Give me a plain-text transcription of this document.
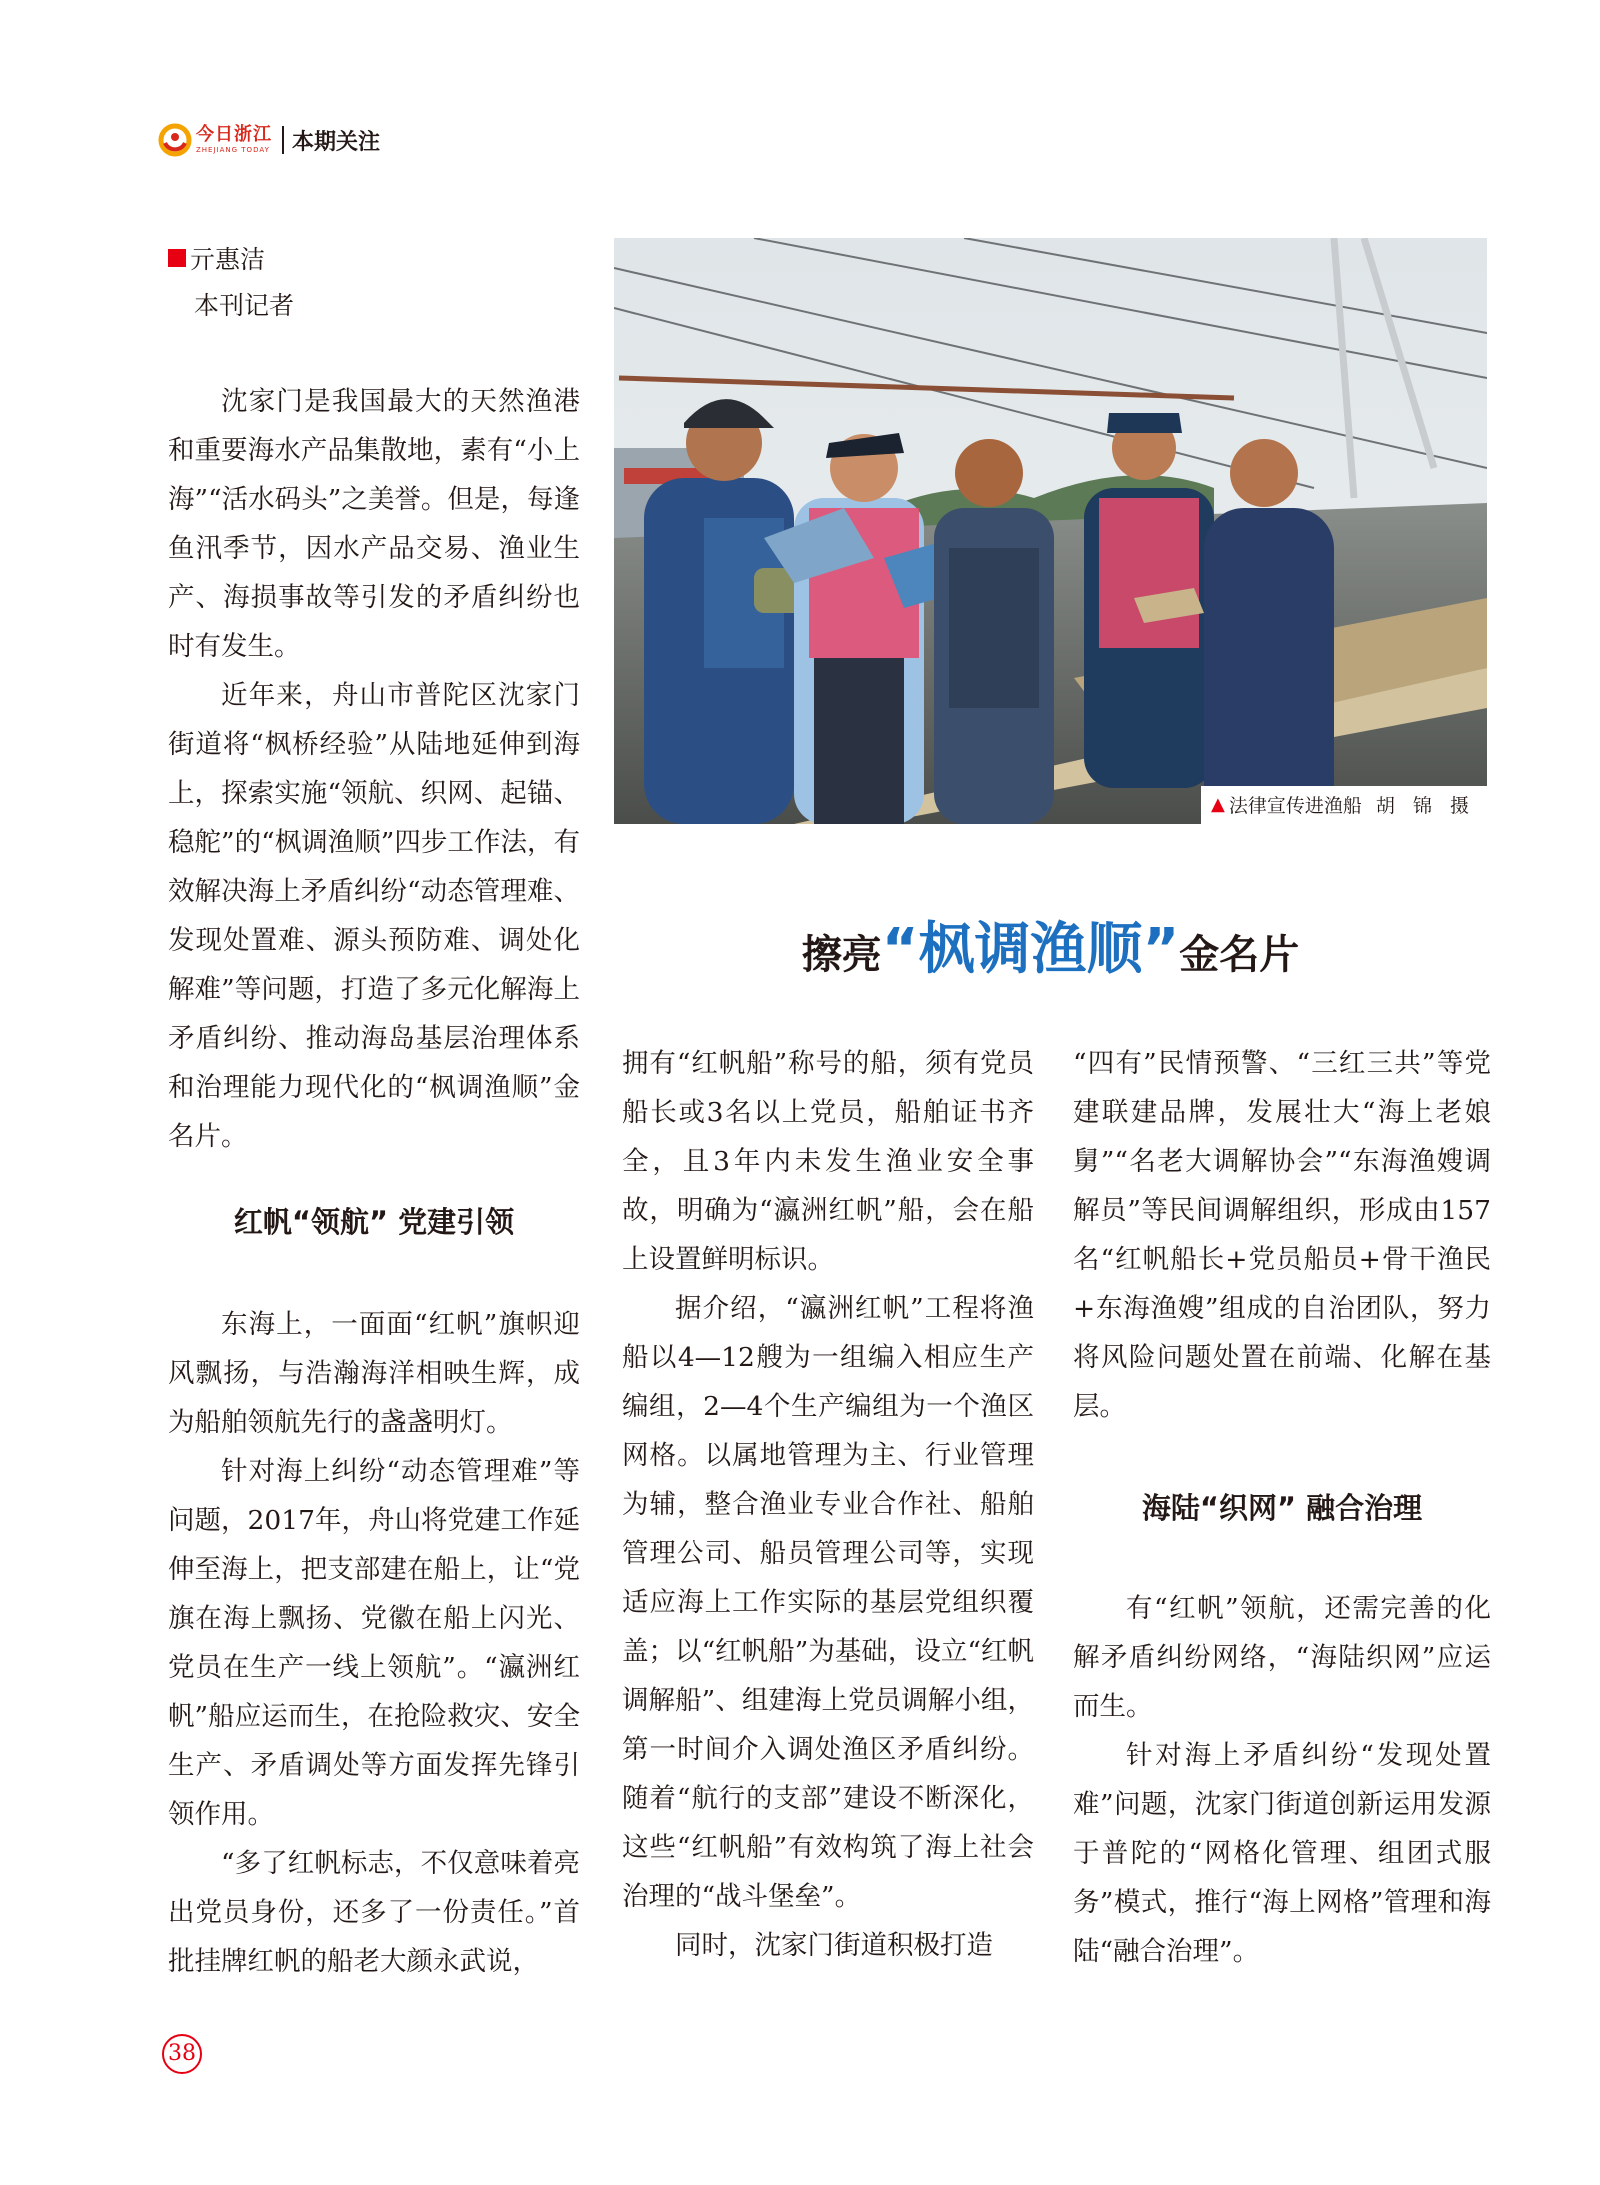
今日浙江
ZHEJIANG TODAY 本期关注
亓惠洁
本刊记者

沈家门是我国最大的天然渔港和重要海水产品集散地，素有“小上海”“活水码头”之美誉。但是，每逢鱼汛季节，因水产品交易、渔业生产、海损事故等引发的矛盾纠纷也时有发生。

近年来，舟山市普陀区沈家门街道将“枫桥经验”从陆地延伸到海上，探索实施“领航、织网、起锚、稳舵”的“枫调渔顺”四步工作法，有效解决海上矛盾纠纷“动态管理难、发现处置难、源头预防难、调处化解难”等问题，打造了多元化解海上矛盾纠纷、推动海岛基层治理体系和治理能力现代化的“枫调渔顺”金名片。

红帆“领航” 党建引领

东海上，一面面“红帆”旗帜迎风飘扬，与浩瀚海洋相映生辉，成为船舶领航先行的盏盏明灯。

针对海上纠纷“动态管理难”等问题，2017年，舟山将党建工作延伸至海上，把支部建在船上，让“党旗在海上飘扬、党徽在船上闪光、党员在生产一线上领航”。“瀛洲红帆”船应运而生，在抢险救灾、安全生产、矛盾调处等方面发挥先锋引领作用。

“多了红帆标志，不仅意味着亮出党员身份，还多了一份责任。”首批挂牌红帆的船老大颜永武说，

▲ 法律宣传进渔船 胡 锦 摄
擦亮“枫调渔顺”金名片

拥有“红帆船”称号的船，须有党员船长或3名以上党员，船舶证书齐全，且3年内未发生渔业安全事故，明确为“瀛洲红帆”船，会在船上设置鲜明标识。

据介绍，“瀛洲红帆”工程将渔船以4—12艘为一组编入相应生产编组，2—4个生产编组为一个渔区网格。以属地管理为主、行业管理为辅，整合渔业专业合作社、船舶管理公司、船员管理公司等，实现适应海上工作实际的基层党组织覆盖；以“红帆船”为基础，设立“红帆调解船”、组建海上党员调解小组，第一时间介入调处渔区矛盾纠纷。随着“航行的支部”建设不断深化，这些“红帆船”有效构筑了海上社会治理的“战斗堡垒”。

同时，沈家门街道积极打造

“四有”民情预警、“三红三共”等党建联建品牌，发展壮大“海上老娘舅”“名老大调解协会”“东海渔嫂调解员”等民间调解组织，形成由157名“红帆船长+党员船员+骨干渔民+东海渔嫂”组成的自治团队，努力将风险问题处置在前端、化解在基层。

海陆“织网” 融合治理

有“红帆”领航，还需完善的化解矛盾纠纷网络，“海陆织网”应运而生。

针对海上矛盾纠纷“发现处置难”问题，沈家门街道创新运用发源于普陀的“网格化管理、组团式服务”模式，推行“海上网格”管理和海陆“融合治理”。

38
